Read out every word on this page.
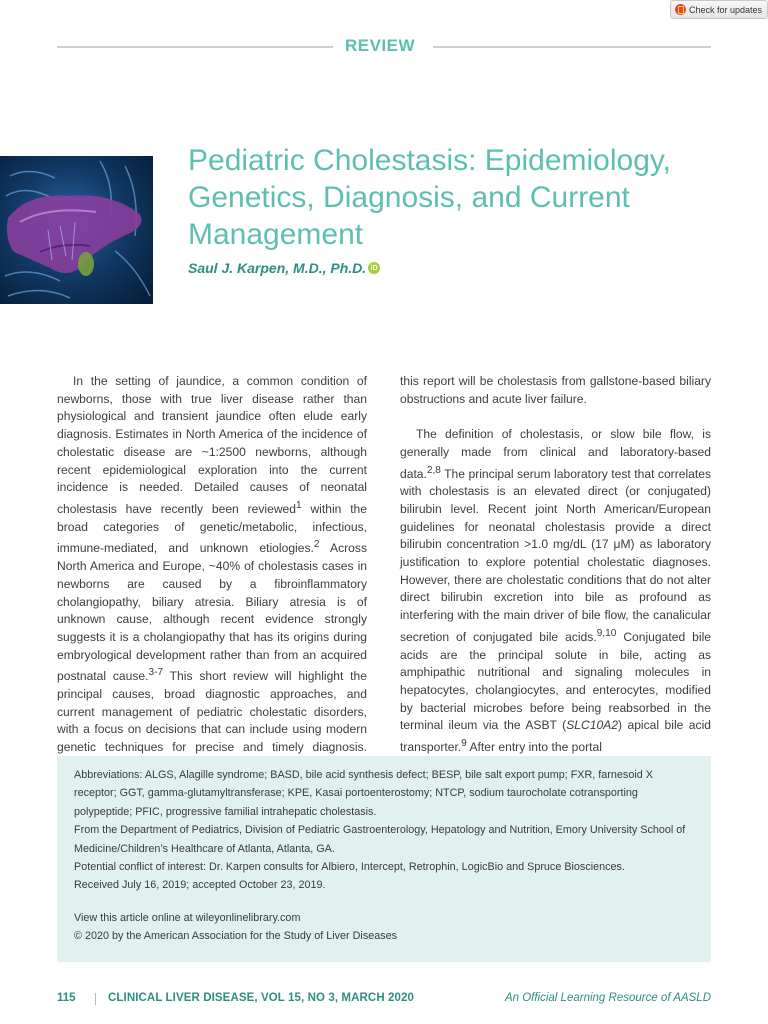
Check for updates
REVIEW
Pediatric Cholestasis: Epidemiology, Genetics, Diagnosis, and Current Management
Saul J. Karpen, M.D., Ph.D. iD

In the setting of jaundice, a common condition of newborns, those with true liver disease rather than physiological and transient jaundice often elude early diagnosis. Estimates in North America of the incidence of cholestatic disease are ~1:2500 newborns, although recent epidemiological exploration into the current incidence is needed. Detailed causes of neonatal cholestasis have recently been reviewed$^1$ within the broad categories of genetic/metabolic, infectious, immune-mediated, and unknown etiologies.$^2$ Across North America and Europe, ~40% of cholestasis cases in newborns are caused by a fibroinflammatory cholangiopathy, biliary atresia. Biliary atresia is of unknown cause, although recent evidence strongly suggests it is a cholangiopathy that has its origins during embryological development rather than from an acquired postnatal cause.$^{3-7}$ This short review will highlight the principal causes, broad diagnostic approaches, and current management of pediatric cholestatic disorders, with a focus on decisions that can include using modern genetic techniques for precise and timely diagnosis.

this report will be cholestasis from gallstone-based biliary obstructions and acute liver failure.

The definition of cholestasis, or slow bile flow, is generally made from clinical and laboratory-based data.$^{2,8}$ The principal serum laboratory test that correlates with cholestasis is an elevated direct (or conjugated) bilirubin level. Recent joint North American/European guidelines for neonatal cholestasis provide a direct bilirubin concentration >1.0 mg/dL (17 μM) as laboratory justification to explore potential cholestatic diagnoses. However, there are cholestatic conditions that do not alter direct bilirubin excretion into bile as profound as interfering with the main driver of bile flow, the canalicular secretion of conjugated bile acids.$^{9,10}$ Conjugated bile acids are the principal solute in bile, acting as amphipathic nutritional and signaling molecules in hepatocytes, cholangiocytes, and enterocytes, modified by bacterial microbes before being reabsorbed in the terminal ileum via the ASBT (SLC10A2) apical bile acid transporter.$^9$ After entry into the portal

Abbreviations: ALGS, Alagille syndrome; BASD, bile acid synthesis defect; BESP, bile salt export pump; FXR, farnesoid X receptor; GGT, gamma-glutamyltransferase; KPE, Kasai portoenterostomy; NTCP, sodium taurocholate cotransporting polypeptide; PFIC, progressive familial intrahepatic cholestasis.
From the Department of Pediatrics, Division of Pediatric Gastroenterology, Hepatology and Nutrition, Emory University School of Medicine/Children’s Healthcare of Atlanta, Atlanta, GA.
Potential conflict of interest: Dr. Karpen consults for Albiero, Intercept, Retrophin, LogicBio and Spruce Biosciences.
Received July 16, 2019; accepted October 23, 2019.
View this article online at wileyonlinelibrary.com
© 2020 by the American Association for the Study of Liver Diseases
115	CLINICAL LIVER DISEASE, VOL 15, NO 3, MARCH 2020	An Official Learning Resource of AASLD
